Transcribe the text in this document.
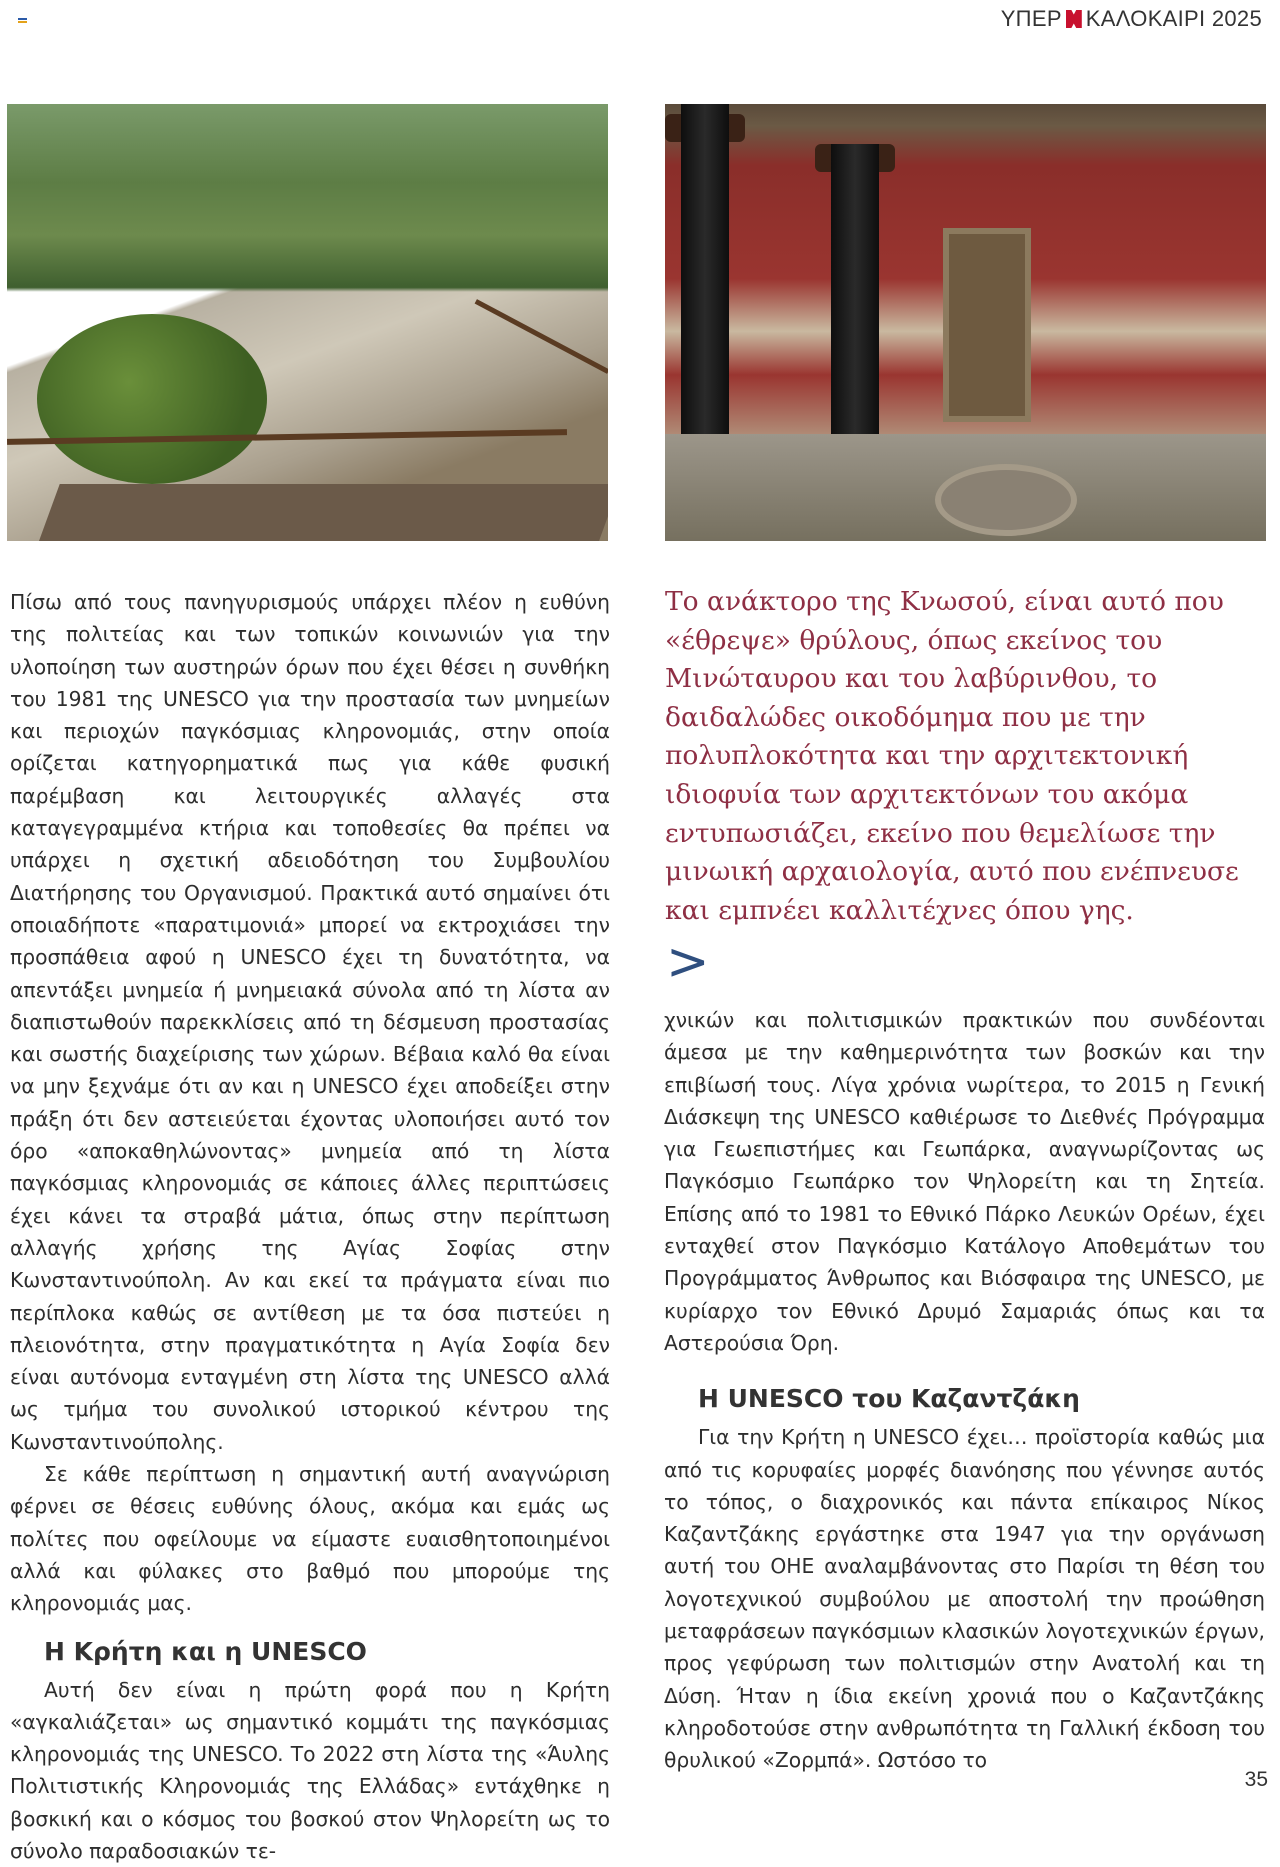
ΥΠΕΡ ΚΑΛΟΚΑΙΡΙ 2025

Πίσω από τους πανηγυρισμούς υπάρχει πλέον η ευθύνη της πολιτείας και των τοπικών κοινωνιών για την υλοποίηση των αυστηρών όρων που έχει θέσει η συνθήκη του 1981 της UNESCO για την προστασία των μνημείων και περιοχών παγκόσμιας κληρονομιάς, στην οποία ορίζεται κατηγορηματικά πως για κάθε φυσική παρέμβαση και λειτουργικές αλλαγές στα καταγεγραμμένα κτήρια και τοποθεσίες θα πρέπει να υπάρχει η σχετική αδειοδότηση του Συμβουλίου Διατήρησης του Οργανισμού. Πρακτικά αυτό σημαίνει ότι οποιαδήποτε «παρατιμονιά» μπορεί να εκτροχιάσει την προσπάθεια αφού η UNESCO έχει τη δυνατότητα, να απεντάξει μνημεία ή μνημειακά σύνολα από τη λίστα αν διαπιστωθούν παρεκκλίσεις από τη δέσμευση προστασίας και σωστής διαχείρισης των χώρων. Βέβαια καλό θα είναι να μην ξεχνάμε ότι αν και η UNESCO έχει αποδείξει στην πράξη ότι δεν αστειεύεται έχοντας υλοποιήσει αυτό τον όρο «αποκαθηλώνοντας» μνημεία από τη λίστα παγκόσμιας κληρονομιάς σε κάποιες άλλες περιπτώσεις έχει κάνει τα στραβά μάτια, όπως στην περίπτωση αλλαγής χρήσης της Αγίας Σοφίας στην Κωνσταντινούπολη. Αν και εκεί τα πράγματα είναι πιο περίπλοκα καθώς σε αντίθεση με τα όσα πιστεύει η πλειονότητα, στην πραγματικότητα η Αγία Σοφία δεν είναι αυτόνομα ενταγμένη στη λίστα της UNESCO αλλά ως τμήμα του συνολικού ιστορικού κέντρου της Κωνσταντινούπολης.

Σε κάθε περίπτωση η σημαντική αυτή αναγνώριση φέρνει σε θέσεις ευθύνης όλους, ακόμα και εμάς ως πολίτες που οφείλουμε να είμαστε ευαισθητοποιημένοι αλλά και φύλακες στο βαθμό που μπορούμε της κληρονομιάς μας.

Η Κρήτη και η UNESCO

Αυτή δεν είναι η πρώτη φορά που η Κρήτη «αγκαλιάζεται» ως σημαντικό κομμάτι της παγκόσμιας κληρονομιάς της UNESCO. Το 2022 στη λίστα της «Άυλης Πολιτιστικής Κληρονομιάς της Ελλάδας» εντάχθηκε η βοσκική και ο κόσμος του βοσκού στον Ψηλορείτη ως το σύνολο παραδοσιακών τε-

Το ανάκτορο της Κνωσού, είναι αυτό που «έθρεψε» θρύλους, όπως εκείνος του Μινώταυρου και του λαβύρινθου, το δαιδαλώδες οικοδόμημα που με την πολυπλοκότητα και την αρχιτεκτονική ιδιοφυία των αρχιτεκτόνων του ακόμα εντυπωσιάζει, εκείνο που θεμελίωσε την μινωική αρχαιολογία, αυτό που ενέπνευσε και εμπνέει καλλιτέχνες όπου γης.
>

χνικών και πολιτισμικών πρακτικών που συνδέονται άμεσα με την καθημερινότητα των βοσκών και την επιβίωσή τους. Λίγα χρόνια νωρίτερα, το 2015 η Γενική Διάσκεψη της UNESCO καθιέρωσε το Διεθνές Πρόγραμμα για Γεωεπιστήμες και Γεωπάρκα, αναγνωρίζοντας ως Παγκόσμιο Γεωπάρκο τον Ψηλορείτη και τη Σητεία. Επίσης από το 1981 το Εθνικό Πάρκο Λευκών Ορέων, έχει ενταχθεί στον Παγκόσμιο Κατάλογο Αποθεμάτων του Προγράμματος Άνθρωπος και Βιόσφαιρα της UNESCO, με κυρίαρχο τον Εθνικό Δρυμό Σαμαριάς όπως και τα Αστερούσια Όρη.

Η UNESCO του Καζαντζάκη

Για την Κρήτη η UNESCO έχει… προϊστορία καθώς μια από τις κορυφαίες μορφές διανόησης που γέννησε αυτός το τόπος, ο διαχρονικός και πάντα επίκαιρος Νίκος Καζαντζάκης εργάστηκε στα 1947 για την οργάνωση αυτή του ΟΗΕ αναλαμβάνοντας στο Παρίσι τη θέση του λογοτεχνικού συμβούλου με αποστολή την προώθηση μεταφράσεων παγκόσμιων κλασικών λογοτεχνικών έργων, προς γεφύρωση των πολιτισμών στην Ανατολή και τη Δύση. Ήταν η ίδια εκείνη χρονιά που ο Καζαντζάκης κληροδοτούσε στην ανθρωπότητα τη Γαλλική έκδοση του θρυλικού «Ζορμπά». Ωστόσο το

35
